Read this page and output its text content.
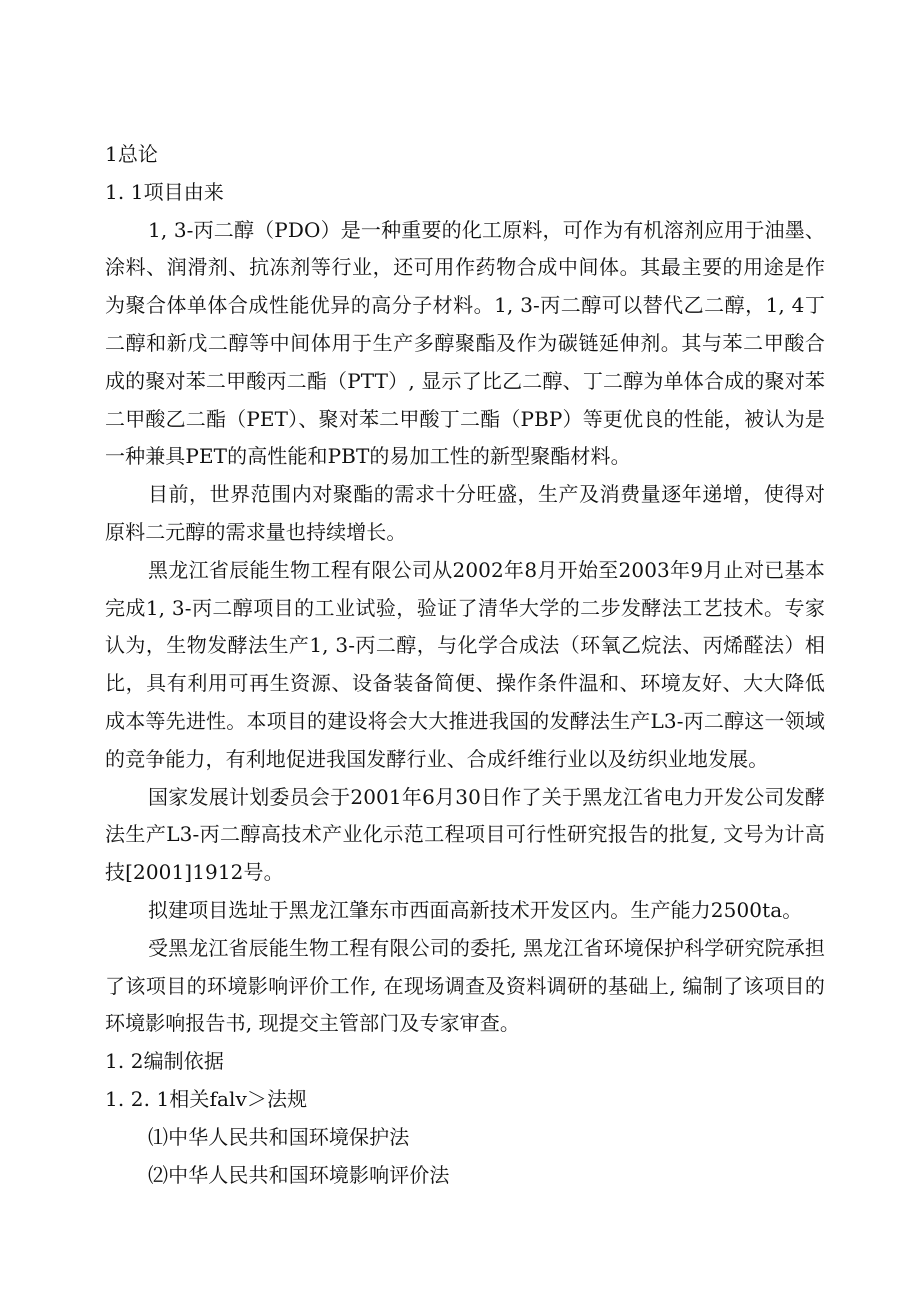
1总论

1. 1项目由来

1, 3-丙二醇（PDO）是一种重要的化工原料，可作为有机溶剂应用于油墨、涂料、润滑剂、抗冻剂等行业，还可用作药物合成中间体。其最主要的用途是作为聚合体单体合成性能优异的高分子材料。1, 3-丙二醇可以替代乙二醇，1, 4丁二醇和新戊二醇等中间体用于生产多醇聚酯及作为碳链延伸剂。其与苯二甲酸合成的聚对苯二甲酸丙二酯（PTT）, 显示了比乙二醇、丁二醇为单体合成的聚对苯二甲酸乙二酯（PET）、聚对苯二甲酸丁二酯（PBP）等更优良的性能，被认为是一种兼具PET的高性能和PBT的易加工性的新型聚酯材料。

目前，世界范围内对聚酯的需求十分旺盛，生产及消费量逐年递增，使得对原料二元醇的需求量也持续增长。

黑龙江省辰能生物工程有限公司从2002年8月开始至2003年9月止对已基本完成1, 3-丙二醇项目的工业试验，验证了清华大学的二步发酵法工艺技术。专家认为，生物发酵法生产1, 3-丙二醇，与化学合成法（环氧乙烷法、丙烯醛法）相比，具有利用可再生资源、设备装备简便、操作条件温和、环境友好、大大降低成本等先进性。本项目的建设将会大大推进我国的发酵法生产L3-丙二醇这一领域的竞争能力，有利地促进我国发酵行业、合成纤维行业以及纺织业地发展。

国家发展计划委员会于2001年6月30日作了关于黑龙江省电力开发公司发酵法生产L3-丙二醇高技术产业化示范工程项目可行性研究报告的批复, 文号为计高技[2001]1912号。

拟建项目选址于黑龙江肇东市西面高新技术开发区内。生产能力2500ta。

受黑龙江省辰能生物工程有限公司的委托, 黑龙江省环境保护科学研究院承担了该项目的环境影响评价工作, 在现场调查及资料调研的基础上, 编制了该项目的环境影响报告书, 现提交主管部门及专家审查。

1. 2编制依据

1. 2. 1相关falv＞法规

⑴中华人民共和国环境保护法

⑵中华人民共和国环境影响评价法
